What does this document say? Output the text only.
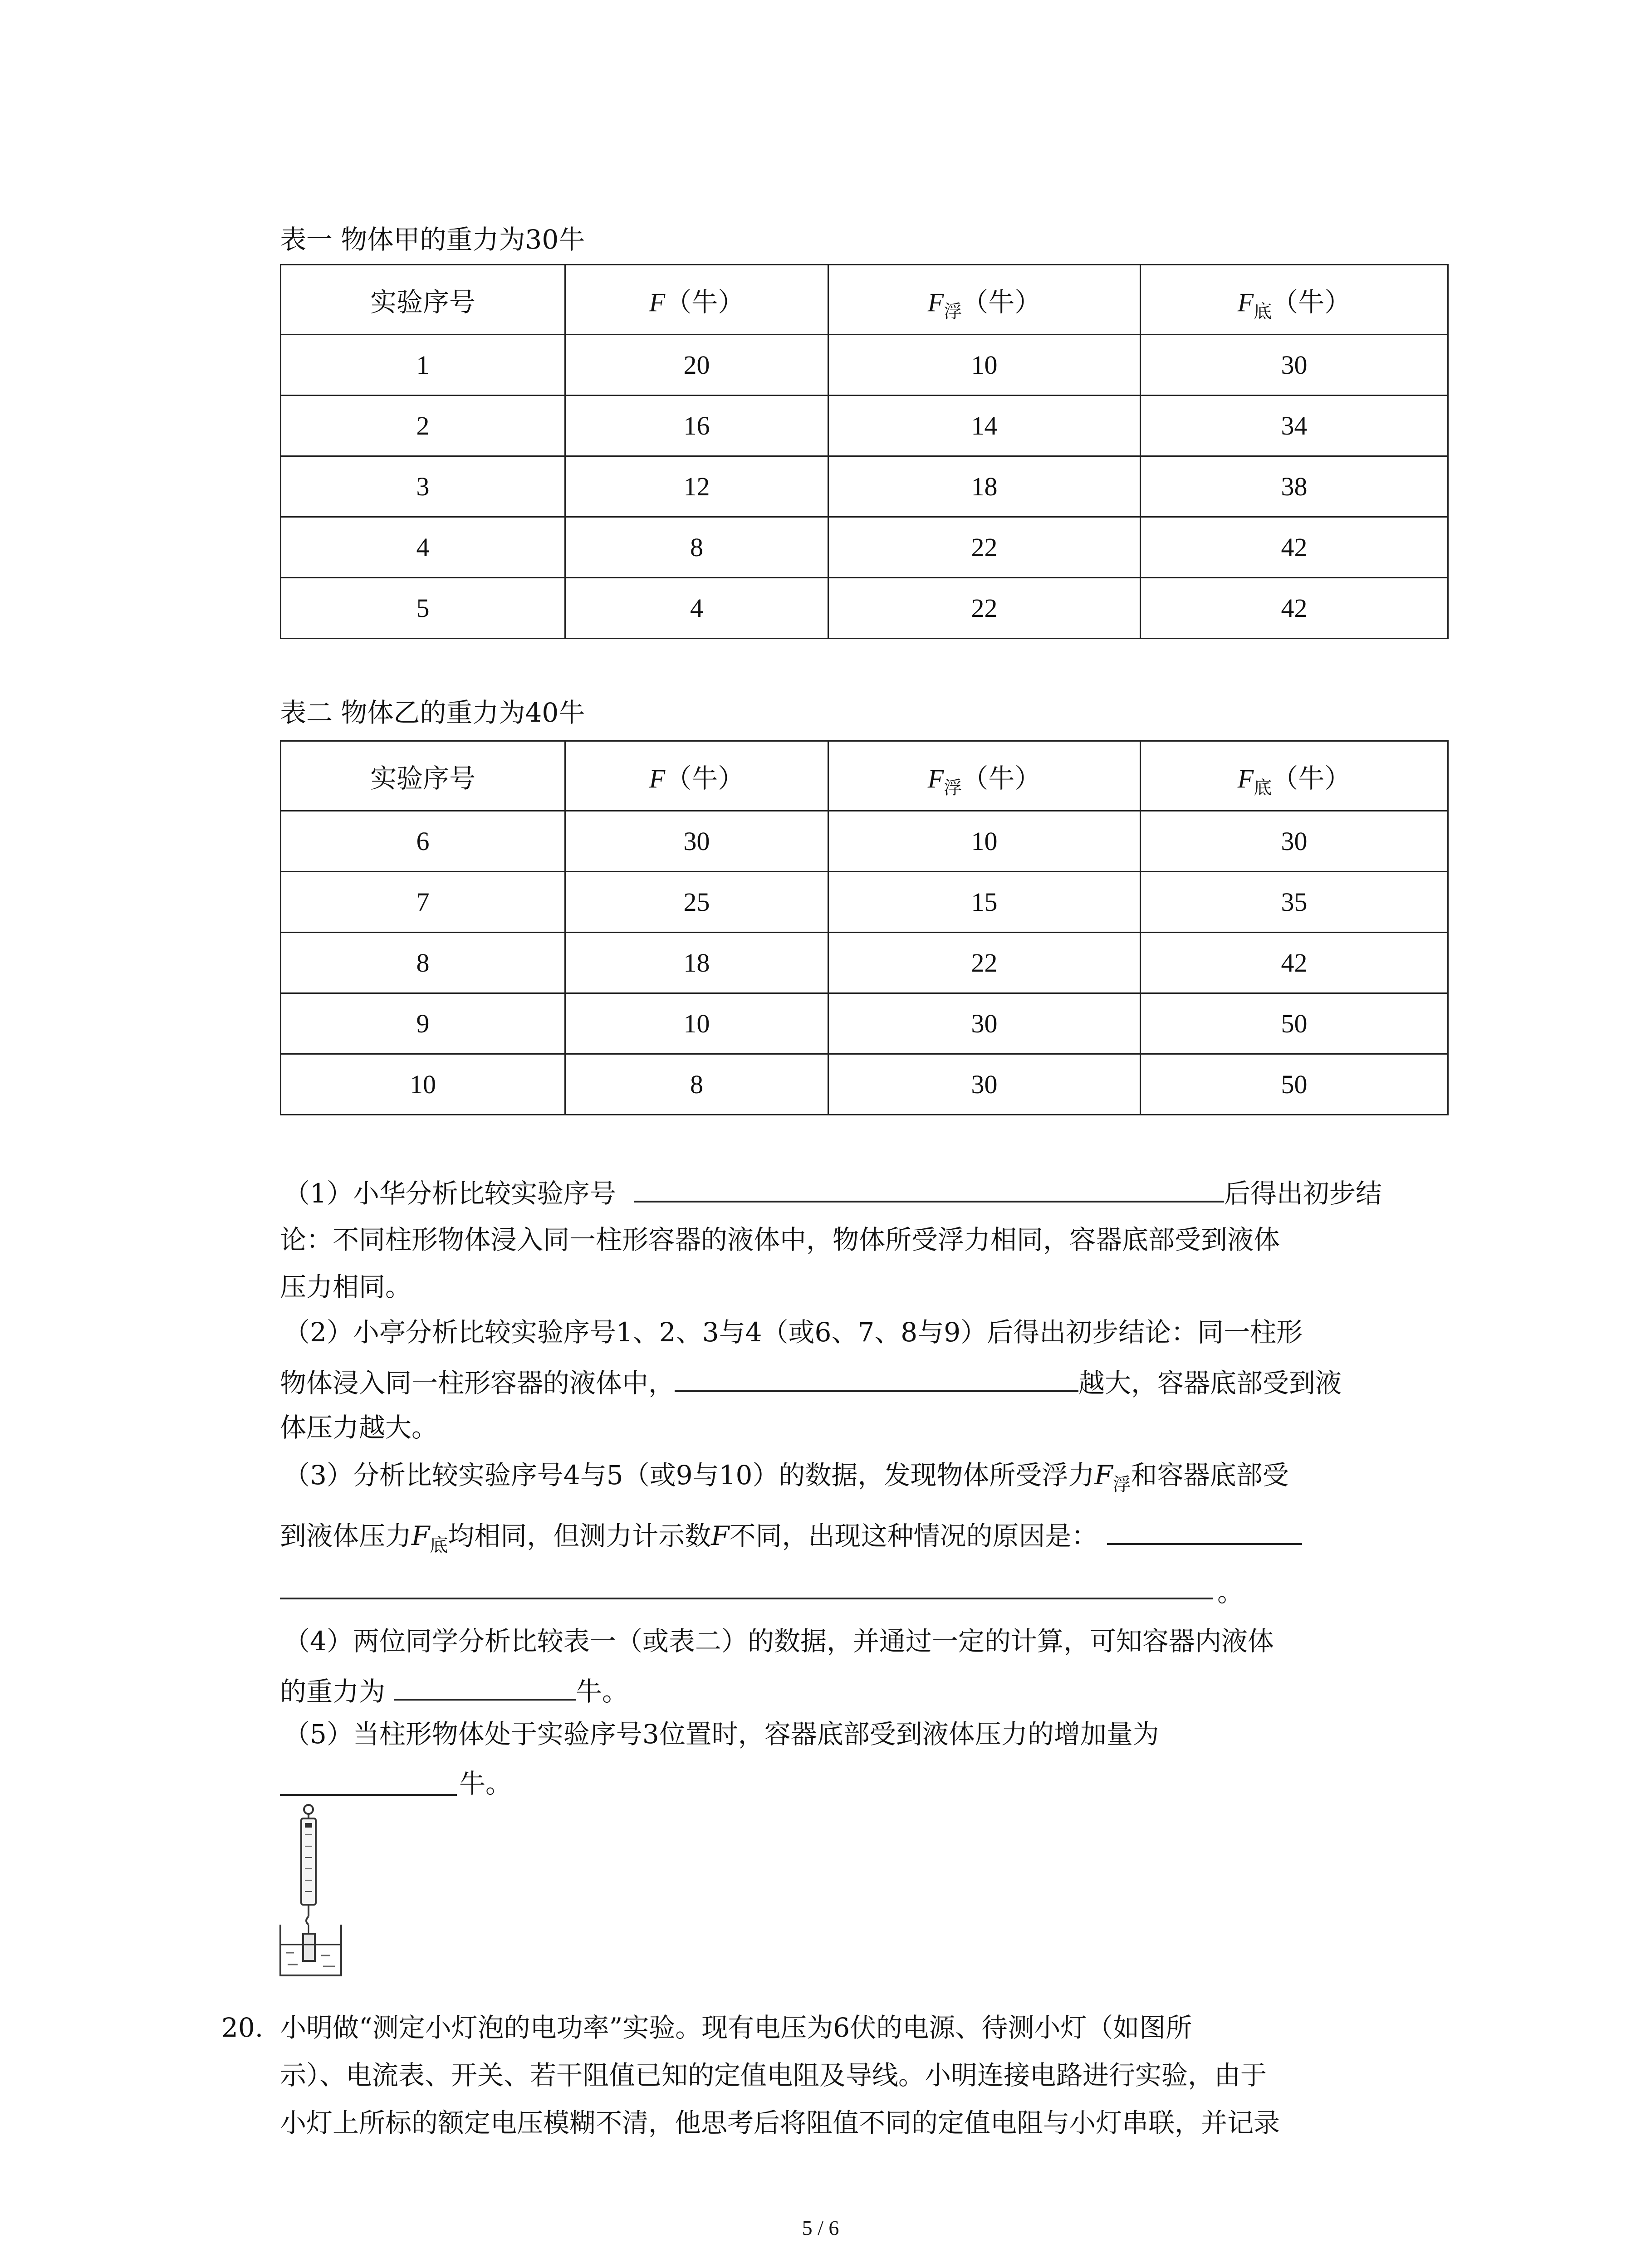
表一 物体甲的重力为30牛
实验序号	F（牛）	$F_浮$（牛）	$F_底$（牛）
1	20	10	30
2	16	14	34
3	12	18	38
4	8	22	42
5	4	22	42
表二 物体乙的重力为40牛
实验序号	F（牛）	$F_浮$（牛）	$F_底$（牛）
6	30	10	30
7	25	15	35
8	18	22	42
9	10	30	50
10	8	30	50
（1）小华分析比较实验序号	后得出初步结
论：不同柱形物体浸入同一柱形容器的液体中，物体所受浮力相同，容器底部受到液体
压力相同。
（2）小亭分析比较实验序号1、2、3与4（或6、7、8与9）后得出初步结论：同一柱形
物体浸入同一柱形容器的液体中，	越大，容器底部受到液
体压力越大。
（3）分析比较实验序号4与5（或9与10）的数据，发现物体所受浮力$F_浮$和容器底部受
到液体压力$F_底$均相同，但测力计示数F不同，出现这种情况的原因是：
。
（4）两位同学分析比较表一（或表二）的数据，并通过一定的计算，可知容器内液体
的重力为	牛。
（5）当柱形物体处于实验序号3位置时，容器底部受到液体压力的增加量为
牛。
20. 小明做“测定小灯泡的电功率”实验。现有电压为6伏的电源、待测小灯（如图所
示）、电流表、开关、若干阻值已知的定值电阻及导线。小明连接电路进行实验，由于
小灯上所标的额定电压模糊不清，他思考后将阻值不同的定值电阻与小灯串联，并记录
5 / 6
